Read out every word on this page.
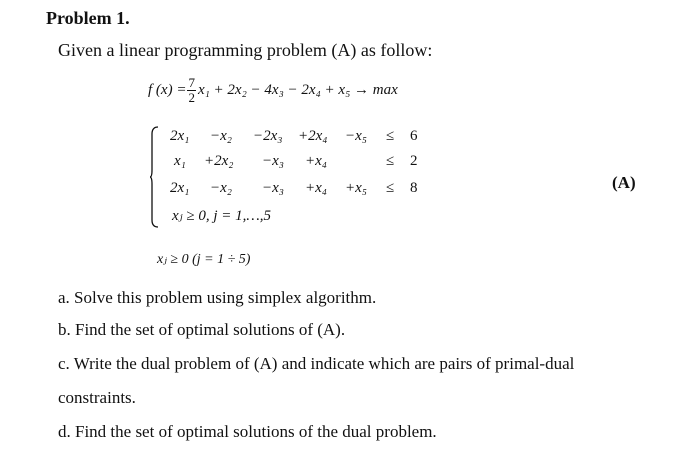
Problem 1.
Given a linear programming problem (A) as follow:
f $(x) = \frac{7}{2} x_1 + 2x_2 - 4x_3 - 2x_4 + x_5 \to \max$
2x₁ −x₂ −2x₃ +2x₄ −x₅ ≤ 6
x₁ +2x₂ −x₃ +x₄	≤ 2
2x₁ −x₂ −x₃ +x₄ +x₅ ≤ 8
xⱼ ≥ 0, j = 1,…,5
(A)
xⱼ ≥ 0 (j = 1 ÷ 5)
a. Solve this problem using simplex algorithm.
b. Find the set of optimal solutions of (A).
c. Write the dual problem of (A) and indicate which are pairs of primal-dual
constraints.
d. Find the set of optimal solutions of the dual problem.
